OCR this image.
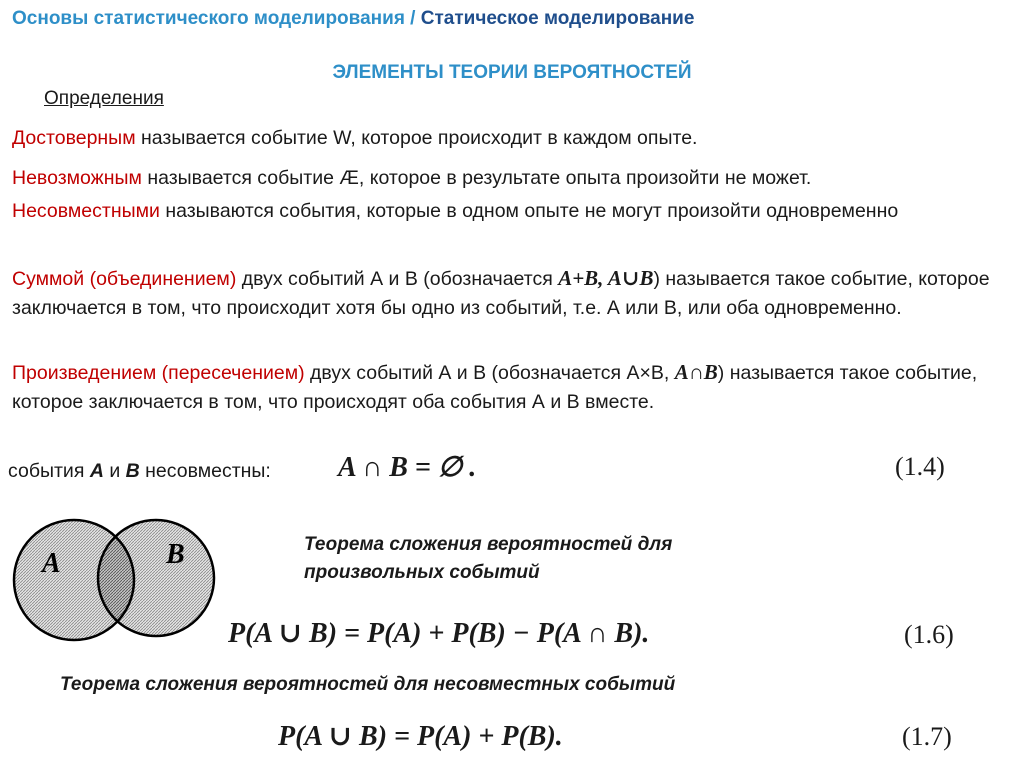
Основы статистического моделирования / Статическое моделирование
ЭЛЕМЕНТЫ ТЕОРИИ ВЕРОЯТНОСТЕЙ
Определения
Достоверным называется событие W, которое происходит в каждом опыте.
Невозможным называется событие Æ, которое в результате опыта произойти не может.
Несовместными называются события, которые в одном опыте не могут произойти одновременно
Суммой (объединением) двух событий А и В (обозначается A+B, A∪B) называется такое событие, которое заключается в том, что происходит хотя бы одно из событий, т.е. А или В, или оба одновременно.
Произведением (пересечением) двух событий А и В (обозначается А×В, A∩B) называется такое событие, которое заключается в том, что происходят оба события А и В вместе.
события A и B несовместны: A ∩ B = ∅ .	(1.4)
A	B	Теорема сложения вероятностей для
произвольных событий
P(A ∪ B) = P(A) + P(B) − P(A ∩ B).	(1.6)
Теорема сложения вероятностей для несовместных событий
P(A ∪ B) = P(A) + P(B).	(1.7)
